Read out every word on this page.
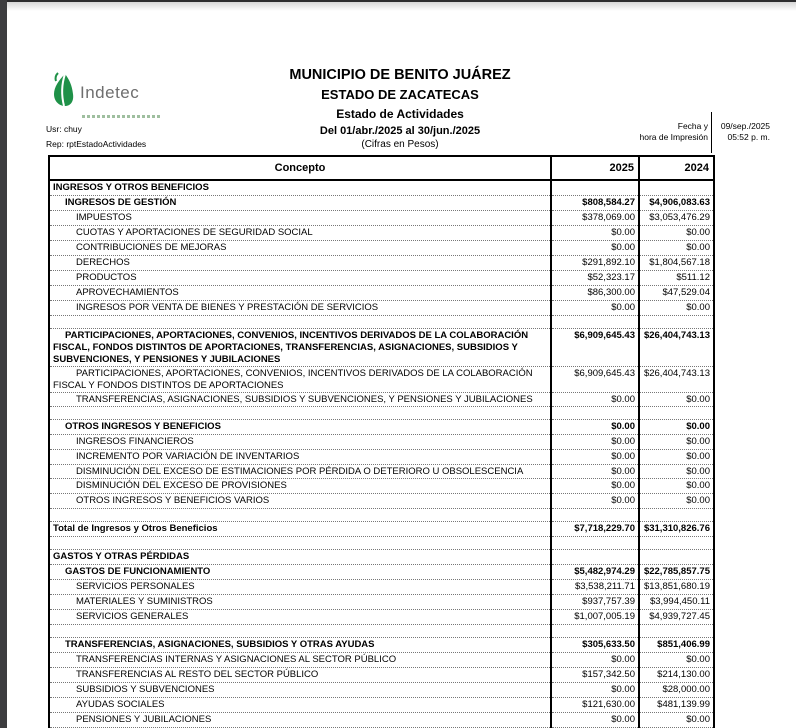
Indetec
MUNICIPIO DE BENITO JUÁREZ
ESTADO DE ZACATECAS
Estado de Actividades
Del 01/abr./2025 al 30/jun./2025
(Cifras en Pesos)
Usr: chuy
Rep: rptEstadoActividades
Fecha y
hora de Impresión
09/sep./2025
05:52 p. m.
Concepto	2025	2024
INGRESOS Y OTROS BENEFICIOS		
INGRESOS DE GESTIÓN	$808,584.27	$4,906,083.63
IMPUESTOS	$378,069.00	$3,053,476.29
CUOTAS Y APORTACIONES DE SEGURIDAD SOCIAL	$0.00	$0.00
CONTRIBUCIONES DE MEJORAS	$0.00	$0.00
DERECHOS	$291,892.10	$1,804,567.18
PRODUCTOS	$52,323.17	$511.12
APROVECHAMIENTOS	$86,300.00	$47,529.04
INGRESOS POR VENTA DE BIENES Y PRESTACIÓN DE SERVICIOS	$0.00	$0.00

PARTICIPACIONES, APORTACIONES, CONVENIOS, INCENTIVOS DERIVADOS DE LA COLABORACIÓN FISCAL, FONDOS DISTINTOS DE APORTACIONES, TRANSFERENCIAS, ASIGNACIONES, SUBSIDIOS Y SUBVENCIONES, Y PENSIONES Y JUBILACIONES	$6,909,645.43	$26,404,743.13
PARTICIPACIONES, APORTACIONES, CONVENIOS, INCENTIVOS DERIVADOS DE LA COLABORACIÓN FISCAL Y FONDOS DISTINTOS DE APORTACIONES	$6,909,645.43	$26,404,743.13
TRANSFERENCIAS, ASIGNACIONES, SUBSIDIOS Y SUBVENCIONES, Y PENSIONES Y JUBILACIONES	$0.00	$0.00

OTROS INGRESOS Y BENEFICIOS	$0.00	$0.00
INGRESOS FINANCIEROS	$0.00	$0.00
INCREMENTO POR VARIACIÓN DE INVENTARIOS	$0.00	$0.00
DISMINUCIÓN DEL EXCESO DE ESTIMACIONES POR PÉRDIDA O DETERIORO U OBSOLESCENCIA	$0.00	$0.00
DISMINUCIÓN DEL EXCESO DE PROVISIONES	$0.00	$0.00
OTROS INGRESOS Y BENEFICIOS VARIOS	$0.00	$0.00

Total de Ingresos y Otros Beneficios	$7,718,229.70	$31,310,826.76

GASTOS Y OTRAS PÉRDIDAS		
GASTOS DE FUNCIONAMIENTO	$5,482,974.29	$22,785,857.75
SERVICIOS PERSONALES	$3,538,211.71	$13,851,680.19
MATERIALES Y SUMINISTROS	$937,757.39	$3,994,450.11
SERVICIOS GENERALES	$1,007,005.19	$4,939,727.45

TRANSFERENCIAS, ASIGNACIONES, SUBSIDIOS Y OTRAS AYUDAS	$305,633.50	$851,406.99
TRANSFERENCIAS INTERNAS Y ASIGNACIONES AL SECTOR PÚBLICO	$0.00	$0.00
TRANSFERENCIAS AL RESTO DEL SECTOR PÚBLICO	$157,342.50	$214,130.00
SUBSIDIOS Y SUBVENCIONES	$0.00	$28,000.00
AYUDAS SOCIALES	$121,630.00	$481,139.99
PENSIONES Y JUBILACIONES	$0.00	$0.00
